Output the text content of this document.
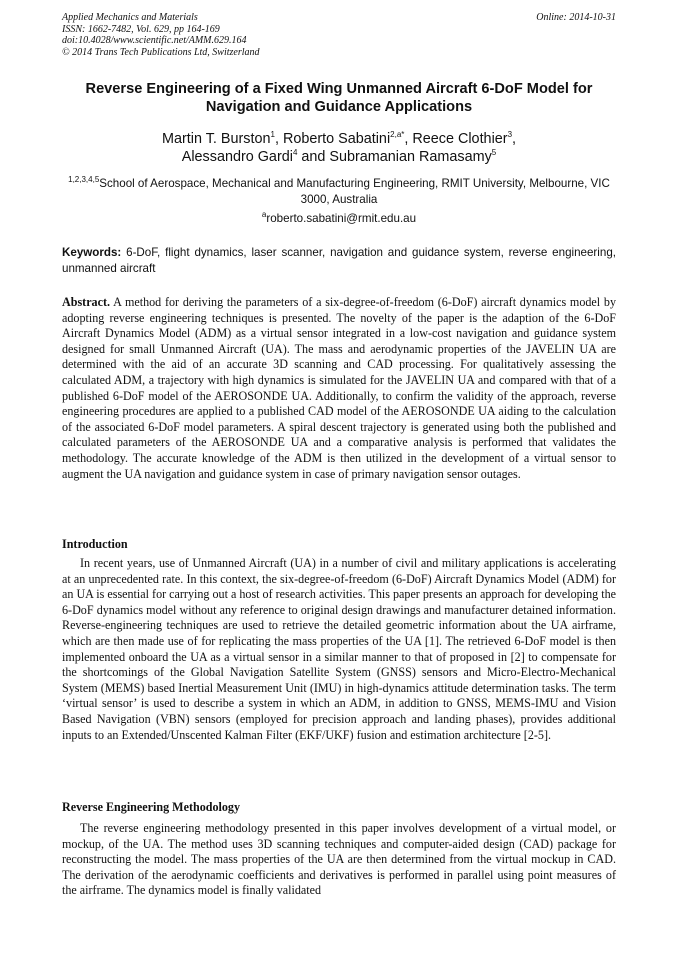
Applied Mechanics and Materials
ISSN: 1662-7482, Vol. 629, pp 164-169
doi:10.4028/www.scientific.net/AMM.629.164
© 2014 Trans Tech Publications Ltd, Switzerland
Online: 2014-10-31
Reverse Engineering of a Fixed Wing Unmanned Aircraft 6-DoF Model for Navigation and Guidance Applications
Martin T. Burston$^1$, Roberto Sabatini$^{2,a*}$, Reece Clothier$^3$,
Alessandro Gardi$^4$ and Subramanian Ramasamy$^5$
$^{1,2,3,4,5}$School of Aerospace, Mechanical and Manufacturing Engineering, RMIT University, Melbourne, VIC 3000, Australia
$^a$roberto.sabatini@rmit.edu.au
Keywords: 6-DoF, flight dynamics, laser scanner, navigation and guidance system, reverse engineering, unmanned aircraft
Abstract. A method for deriving the parameters of a six-degree-of-freedom (6-DoF) aircraft dynamics model by adopting reverse engineering techniques is presented. The novelty of the paper is the adaption of the 6-DoF Aircraft Dynamics Model (ADM) as a virtual sensor integrated in a low-cost navigation and guidance system designed for small Unmanned Aircraft (UA). The mass and aerodynamic properties of the JAVELIN UA are determined with the aid of an accurate 3D scanning and CAD processing. For qualitatively assessing the calculated ADM, a trajectory with high dynamics is simulated for the JAVELIN UA and compared with that of a published 6-DoF model of the AEROSONDE UA. Additionally, to confirm the validity of the approach, reverse engineering procedures are applied to a published CAD model of the AEROSONDE UA aiding to the calculation of the associated 6-DoF model parameters. A spiral descent trajectory is generated using both the published and calculated parameters of the AEROSONDE UA and a comparative analysis is performed that validates the methodology. The accurate knowledge of the ADM is then utilized in the development of a virtual sensor to augment the UA navigation and guidance system in case of primary navigation sensor outages.
Introduction
In recent years, use of Unmanned Aircraft (UA) in a number of civil and military applications is accelerating at an unprecedented rate. In this context, the six-degree-of-freedom (6-DoF) Aircraft Dynamics Model (ADM) for an UA is essential for carrying out a host of research activities. This paper presents an approach for developing the 6-DoF dynamics model without any reference to original design drawings and manufacturer detained information. Reverse-engineering techniques are used to retrieve the detailed geometric information about the UA airframe, which are then made use of for replicating the mass properties of the UA [1]. The retrieved 6-DoF model is then implemented onboard the UA as a virtual sensor in a similar manner to that of proposed in [2] to compensate for the shortcomings of the Global Navigation Satellite System (GNSS) sensors and Micro-Electro-Mechanical System (MEMS) based Inertial Measurement Unit (IMU) in high-dynamics attitude determination tasks. The term ‘virtual sensor’ is used to describe a system in which an ADM, in addition to GNSS, MEMS-IMU and Vision Based Navigation (VBN) sensors (employed for precision approach and landing phases), provides additional inputs to an Extended/Unscented Kalman Filter (EKF/UKF) fusion and estimation architecture [2-5].
Reverse Engineering Methodology
The reverse engineering methodology presented in this paper involves development of a virtual model, or mockup, of the UA. The method uses 3D scanning techniques and computer-aided design (CAD) package for reconstructing the model. The mass properties of the UA are then determined from the virtual mockup in CAD. The derivation of the aerodynamic coefficients and derivatives is performed in parallel using point measures of the airframe. The dynamics model is finally validated
